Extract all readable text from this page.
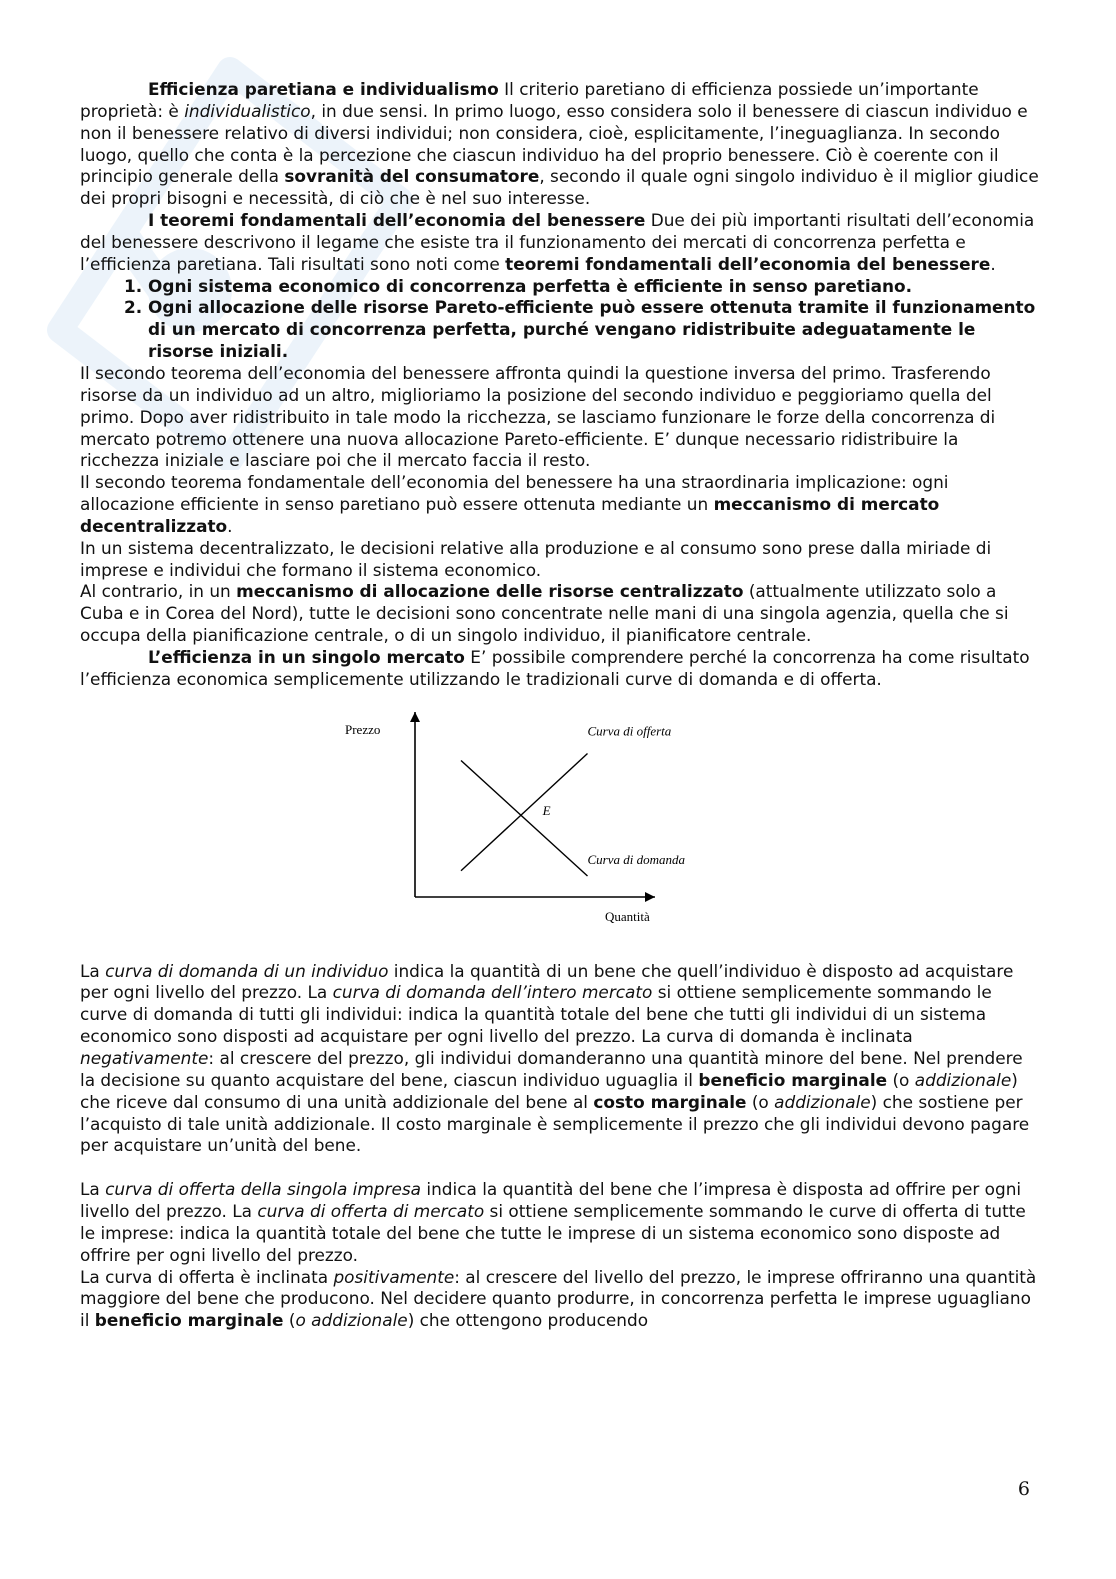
Efficienza paretiana e individualismo Il criterio paretiano di efficienza possiede un’importante proprietà: è individualistico, in due sensi. In primo luogo, esso considera solo il benessere di ciascun individuo e non il benessere relativo di diversi individui; non considera, cioè, esplicitamente, l’ineguaglianza. In secondo luogo, quello che conta è la percezione che ciascun individuo ha del proprio benessere. Ciò è coerente con il principio generale della sovranità del consumatore, secondo il quale ogni singolo individuo è il miglior giudice dei propri bisogni e necessità, di ciò che è nel suo interesse.

I teoremi fondamentali dell’economia del benessere Due dei più importanti risultati dell’economia del benessere descrivono il legame che esiste tra il funzionamento dei mercati di concorrenza perfetta e l’efficienza paretiana. Tali risultati sono noti come teoremi fondamentali dell’economia del benessere.

1. Ogni sistema economico di concorrenza perfetta è efficiente in senso paretiano.
2. Ogni allocazione delle risorse Pareto-efficiente può essere ottenuta tramite il funzionamento di un mercato di concorrenza perfetta, purché vengano ridistribuite adeguatamente le risorse iniziali.

Il secondo teorema dell’economia del benessere affronta quindi la questione inversa del primo. Trasferendo risorse da un individuo ad un altro, miglioriamo la posizione del secondo individuo e peggioriamo quella del primo. Dopo aver ridistribuito in tale modo la ricchezza, se lasciamo funzionare le forze della concorrenza di mercato potremo ottenere una nuova allocazione Pareto-efficiente. E’ dunque necessario ridistribuire la ricchezza iniziale e lasciare poi che il mercato faccia il resto.

Il secondo teorema fondamentale dell’economia del benessere ha una straordinaria implicazione: ogni allocazione efficiente in senso paretiano può essere ottenuta mediante un meccanismo di mercato decentralizzato.

In un sistema decentralizzato, le decisioni relative alla produzione e al consumo sono prese dalla miriade di imprese e individui che formano il sistema economico.

Al contrario, in un meccanismo di allocazione delle risorse centralizzato (attualmente utilizzato solo a Cuba e in Corea del Nord), tutte le decisioni sono concentrate nelle mani di una singola agenzia, quella che si occupa della pianificazione centrale, o di un singolo individuo, il pianificatore centrale.

L’efficienza in un singolo mercato E’ possibile comprendere perché la concorrenza ha come risultato l’efficienza economica semplicemente utilizzando le tradizionali curve di domanda e di offerta.

Prezzo
Quantità
Curva di offerta
Curva di domanda
E

La curva di domanda di un individuo indica la quantità di un bene che quell’individuo è disposto ad acquistare per ogni livello del prezzo. La curva di domanda dell’intero mercato si ottiene semplicemente sommando le curve di domanda di tutti gli individui: indica la quantità totale del bene che tutti gli individui di un sistema economico sono disposti ad acquistare per ogni livello del prezzo. La curva di domanda è inclinata negativamente: al crescere del prezzo, gli individui domanderanno una quantità minore del bene. Nel prendere la decisione su quanto acquistare del bene, ciascun individuo uguaglia il beneficio marginale (o addizionale) che riceve dal consumo di una unità addizionale del bene al costo marginale (o addizionale) che sostiene per l’acquisto di tale unità addizionale. Il costo marginale è semplicemente il prezzo che gli individui devono pagare per acquistare un’unità del bene.

La curva di offerta della singola impresa indica la quantità del bene che l’impresa è disposta ad offrire per ogni livello del prezzo. La curva di offerta di mercato si ottiene semplicemente sommando le curve di offerta di tutte le imprese: indica la quantità totale del bene che tutte le imprese di un sistema economico sono disposte ad offrire per ogni livello del prezzo.

La curva di offerta è inclinata positivamente: al crescere del livello del prezzo, le imprese offriranno una quantità maggiore del bene che producono. Nel decidere quanto produrre, in concorrenza perfetta le imprese uguagliano il beneficio marginale (o addizionale) che ottengono producendo

6
